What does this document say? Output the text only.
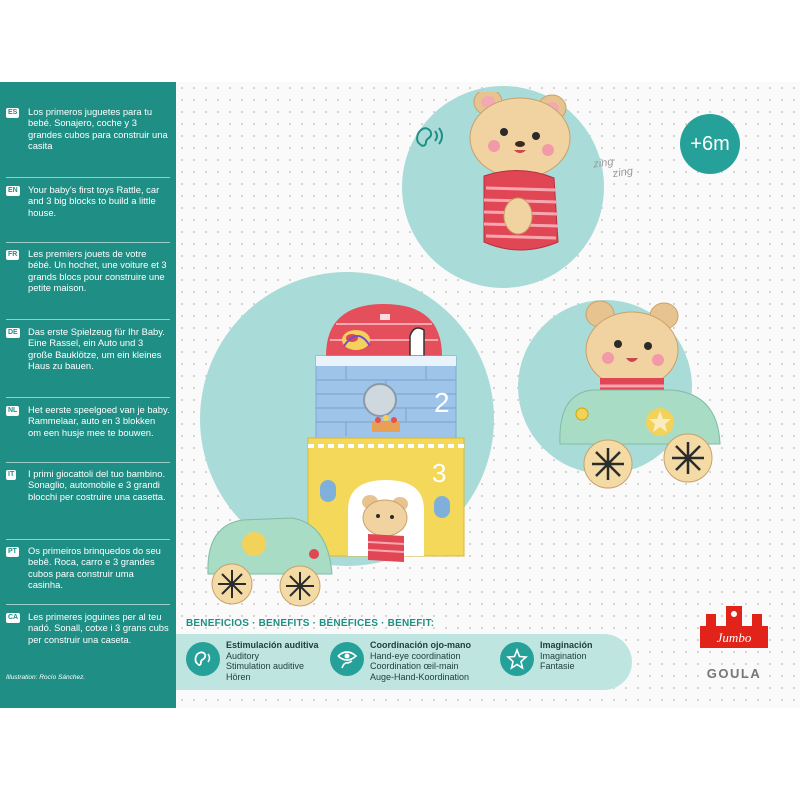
ES Los primeros juguetes para tu bebé. Sonajero, coche y 3 grandes cubos para construir una casita

EN Your baby's first toys Rattle, car and 3 big blocks to build a little house.

FR Les premiers jouets de votre bébé. Un hochet, une voiture et 3 grands blocs pour construire une petite maison.

DE Das erste Spielzeug für Ihr Baby. Eine Rassel, ein Auto und 3 große Bauklötze, um ein kleines Haus zu bauen.

NL Het eerste speelgoed van je baby. Rammelaar, auto en 3 blokken om een husje mee te bouwen.

IT I primi giocattoli del tuo bambino. Sonaglio, automobile e 3 grandi blocchi per costruire una casetta.

PT Os primeiros brinquedos do seu bebê. Roca, carro e 3 grandes cubos para construir uma casinha.

CA Les primeres joguines per al teu nadó. Sonall, cotxe i 3 grans cubs per construir una caseta.

Illustration: Rocío Sánchez.
zing
zing
+6m
2
3
BENEFICIOS · BENEFITS · BÉNÉFICES · BENEFIT:
Estimulación auditiva
Auditory
Stimulation auditive
Hören
Coordinación ojo-mano
Hand-eye coordination
Coordination œil-main
Auge-Hand-Koordination
Imaginación
Imagination
Fantasie
Jumbo
GOULA
